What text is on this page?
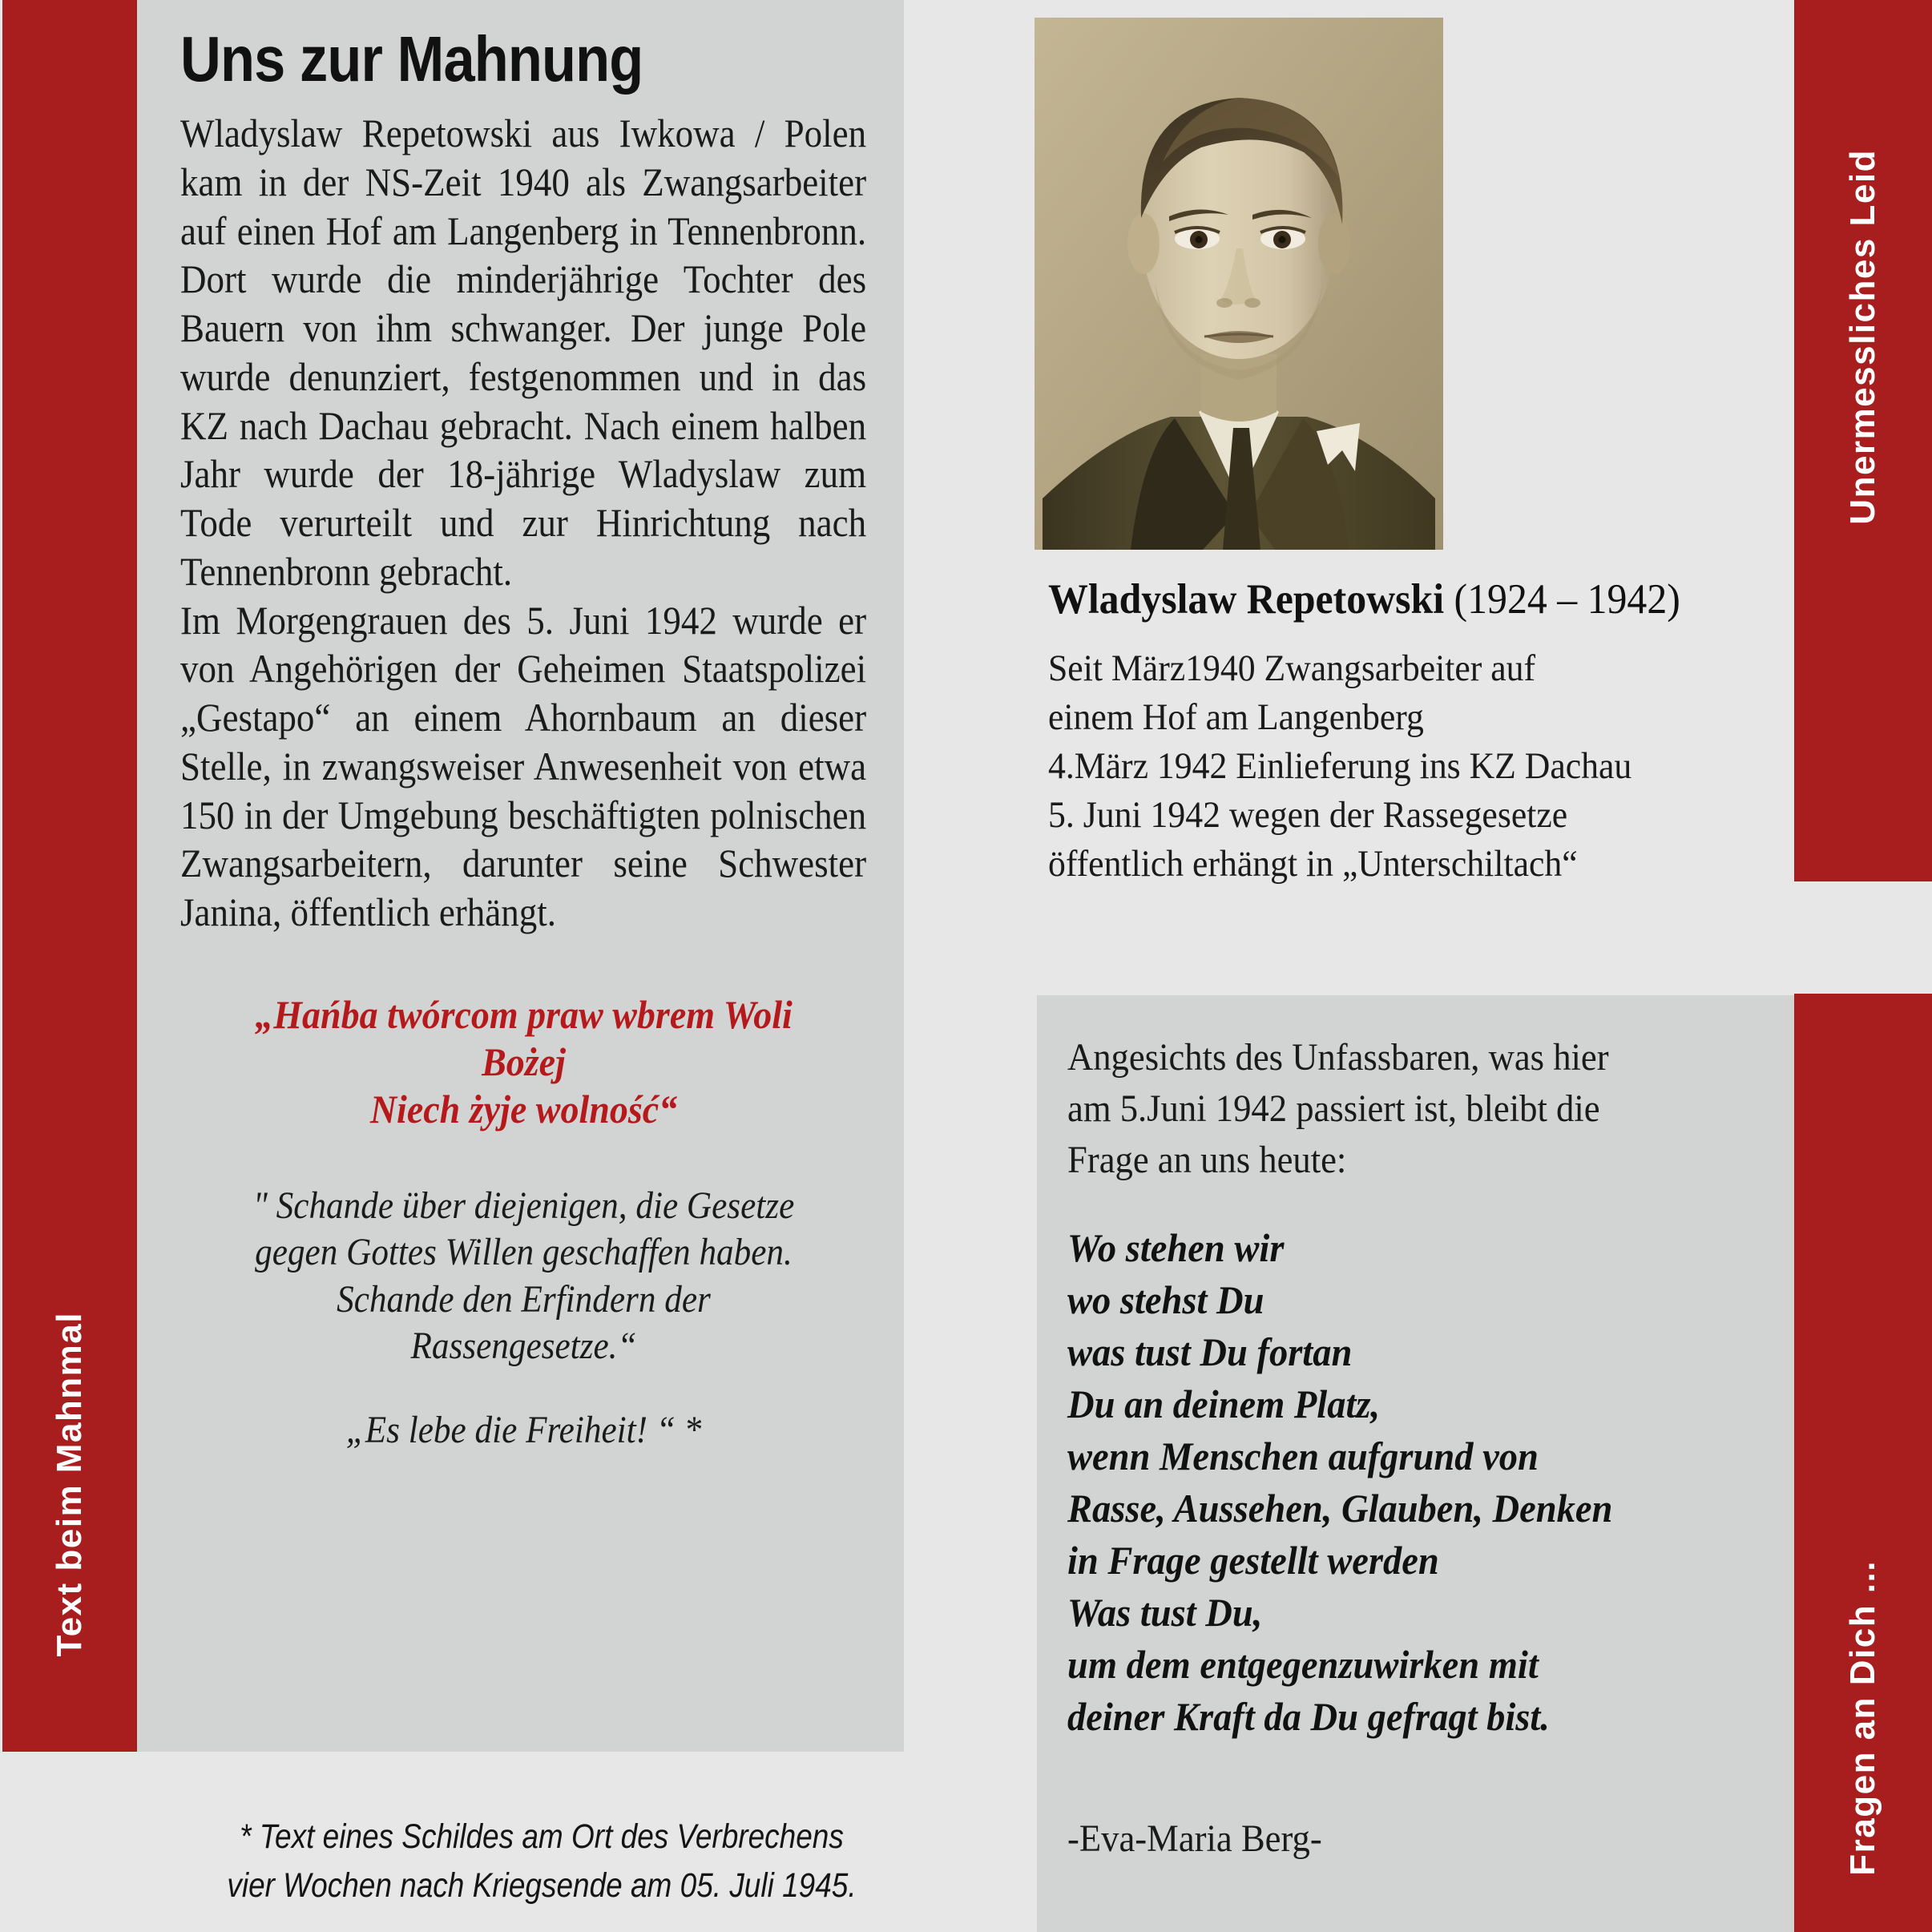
Text beim Mahnmal
Unermessliches Leid
Fragen an Dich ...
Uns zur Mahnung

Wladyslaw Repetowski aus Iwkowa / Polen kam in der NS-Zeit 1940 als Zwangsarbeiter auf einen Hof am Langenberg in Tennenbronn. Dort wurde die minderjährige Tochter des Bauern von ihm schwanger. Der junge Pole wurde denunziert, festgenommen und in das KZ nach Dachau gebracht. Nach einem halben Jahr wurde der 18-jährige Wladyslaw zum Tode verurteilt und zur Hinrichtung nach Tennenbronn gebracht.

Im Morgengrauen des 5. Juni 1942 wurde er von Angehörigen der Geheimen Staatspolizei „Gestapo“ an einem Ahornbaum an dieser Stelle, in zwangsweiser Anwesenheit von etwa 150 in der Umgebung beschäftigten polnischen Zwangsarbeitern, darunter seine Schwester Janina, öffentlich erhängt.

„Hańba twórcom praw wbrem Woli
Bożej
Niech żyje wolność“
" Schande über diejenigen, die Gesetze
gegen Gottes Willen geschaffen haben.
Schande den Erfindern der
Rassengesetze.“
„Es lebe die Freiheit! “ *
* Text eines Schildes am Ort des Verbrechens
vier Wochen nach Kriegsende am 05. Juli 1945.
Wladyslaw Repetowski (1924 – 1942)
Seit März1940 Zwangsarbeiter auf
einem Hof am Langenberg
4.März 1942 Einlieferung ins KZ Dachau
5. Juni 1942 wegen der Rassegesetze
öffentlich erhängt in „Unterschiltach“
Angesichts des Unfassbaren, was hier
am 5.Juni 1942 passiert ist, bleibt die
Frage an uns heute:
Wo stehen wir
wo stehst Du
was tust Du fortan
Du an deinem Platz,
wenn Menschen aufgrund von
Rasse, Aussehen, Glauben, Denken
in Frage gestellt werden
Was tust Du,
um dem entgegenzuwirken mit
deiner Kraft da Du gefragt bist.
-Eva-Maria Berg-
